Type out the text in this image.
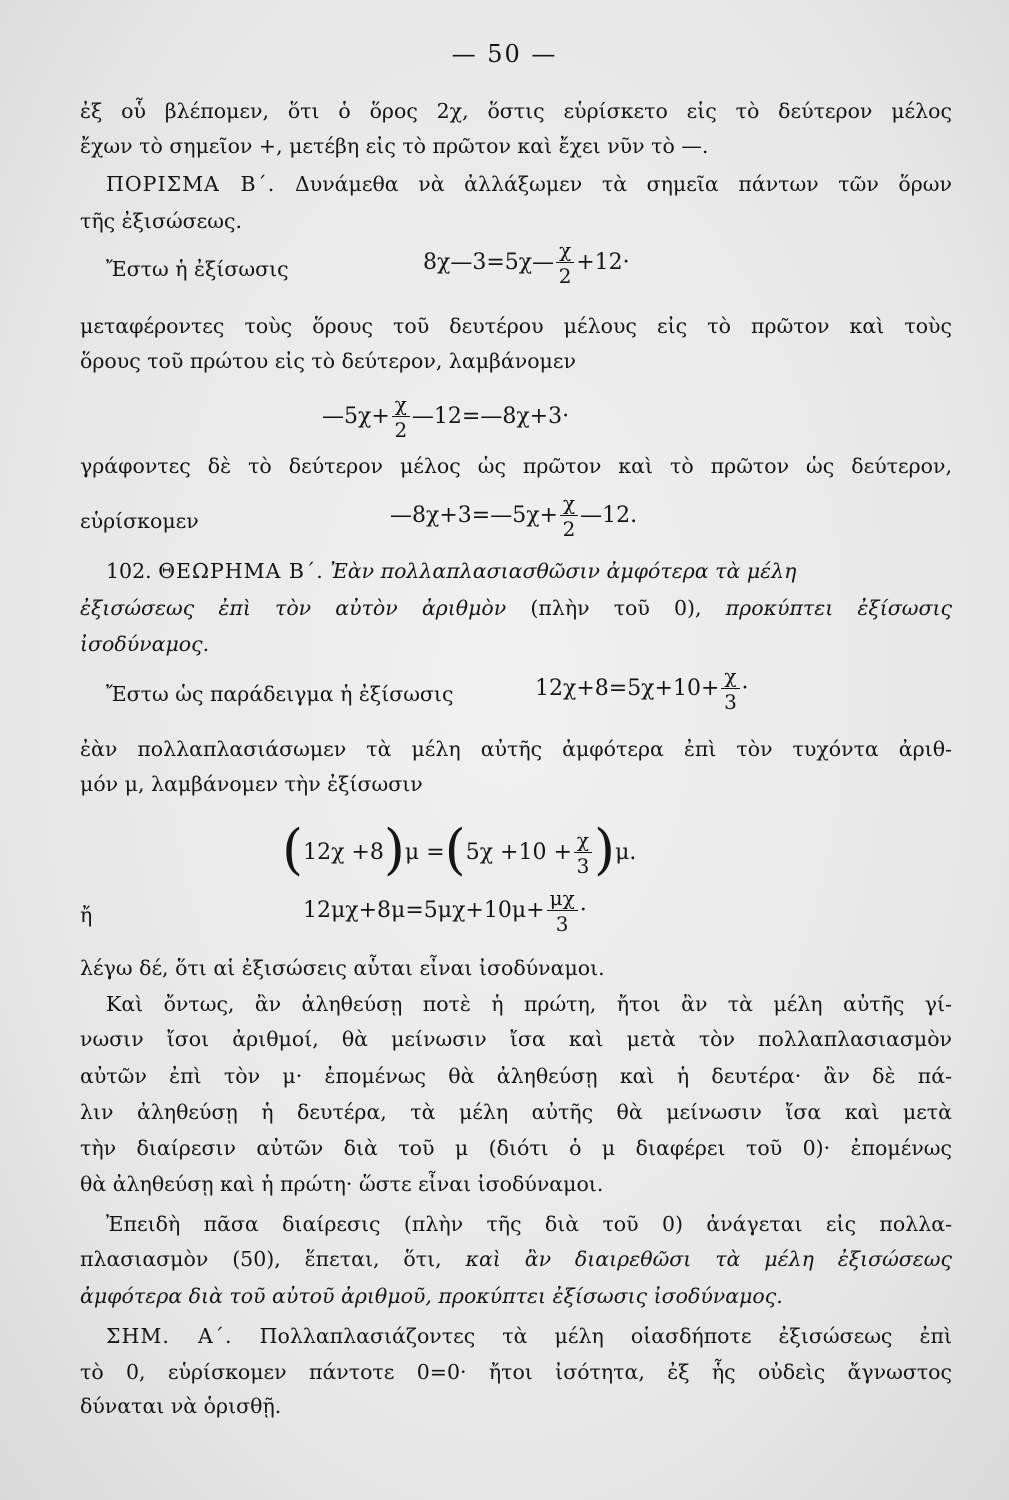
— 50 —
ἐξ οὗ βλέπομεν, ὅτι ὁ ὅρος 2χ, ὅστις εὑρίσκετο εἰς τὸ δεύτερον μέλος
ἔχων τὸ σημεῖον +, μετέβη εἰς τὸ πρῶτον καὶ ἔχει νῦν τὸ —.
ΠΟΡΙΣΜΑ Β΄. Δυνάμεθα νὰ ἀλλάξωμεν τὰ σημεῖα πάντων τῶν ὅρων
τῆς ἐξισώσεως.
Ἔστω ἡ ἐξίσωσις	8χ—3=5χ— $\frac{\chi}{2} +12\cdot$
μεταφέροντες τοὺς ὅρους τοῦ δευτέρου μέλους εἰς τὸ πρῶτον καὶ τοὺς
ὅρους τοῦ πρώτου εἰς τὸ δεύτερον, λαμβάνομεν
—5χ+ $\frac{\chi}{2}$ —12=—8χ+3·
γράφοντες δὲ τὸ δεύτερον μέλος ὡς πρῶτον καὶ τὸ πρῶτον ὡς δεύτερον,
εὑρίσκομεν	—8χ+3=—5χ+ $\frac{\chi}{2}$ —12.
102. ΘΕΩΡΗΜΑ Β΄. Ἐὰν πολλαπλασιασθῶσιν ἀμφότερα τὰ μέλη
ἐξισώσεως ἐπὶ τὸν αὐτὸν ἀριθμὸν (πλὴν τοῦ 0), προκύπτει ἐξίσωσις
ἰσοδύναμος.
Ἔστω ὡς παράδειγμα ἡ ἐξίσωσις	$12\chi+8=5\chi+10+ \frac{\chi}{3}$ ·
ἐὰν πολλαπλασιάσωμεν τὰ μέλη αὐτῆς ἀμφότερα ἐπὶ τὸν τυχόντα ἀριθ-
μόν μ, λαμβάνομεν τὴν ἐξίσωσιν
$(12\chi +8)\mu =(5\chi +10 + \frac{\chi}{3} )\mu$.
ἤ	$12\mu\chi+8\mu=5\mu\chi+10\mu+ \frac{\mu\chi}{3}$ ·
λέγω δέ, ὅτι αἱ ἐξισώσεις αὗται εἶναι ἰσοδύναμοι.
Καὶ ὄντως, ἂν ἀληθεύσῃ ποτὲ ἡ πρώτη, ἤτοι ἂν τὰ μέλη αὐτῆς γί-
νωσιν ἴσοι ἀριθμοί, θὰ μείνωσιν ἴσα καὶ μετὰ τὸν πολλαπλασιασμὸν
αὐτῶν ἐπὶ τὸν μ· ἐπομένως θὰ ἀληθεύσῃ καὶ ἡ δευτέρα· ἂν δὲ πά-
λιν ἀληθεύσῃ ἡ δευτέρα, τὰ μέλη αὐτῆς θὰ μείνωσιν ἴσα καὶ μετὰ
τὴν διαίρεσιν αὐτῶν διὰ τοῦ μ (διότι ὁ μ διαφέρει τοῦ 0)· ἐπομένως
θὰ ἀληθεύσῃ καὶ ἡ πρώτη· ὥστε εἶναι ἰσοδύναμοι.
Ἐπειδὴ πᾶσα διαίρεσις (πλὴν τῆς διὰ τοῦ 0) ἀνάγεται εἰς πολλα-
πλασιασμὸν (50), ἕπεται, ὅτι, καὶ ἂν διαιρεθῶσι τὰ μέλη ἐξισώσεως
ἀμφότερα διὰ τοῦ αὐτοῦ ἀριθμοῦ, προκύπτει ἐξίσωσις ἰσοδύναμος.
ΣΗΜ. Α΄. Πολλαπλασιάζοντες τὰ μέλη οἱασδήποτε ἐξισώσεως ἐπὶ
τὸ 0, εὑρίσκομεν πάντοτε 0=0· ἤτοι ἰσότητα, ἐξ ἧς οὐδεὶς ἄγνωστος
δύναται νὰ ὁρισθῇ.
